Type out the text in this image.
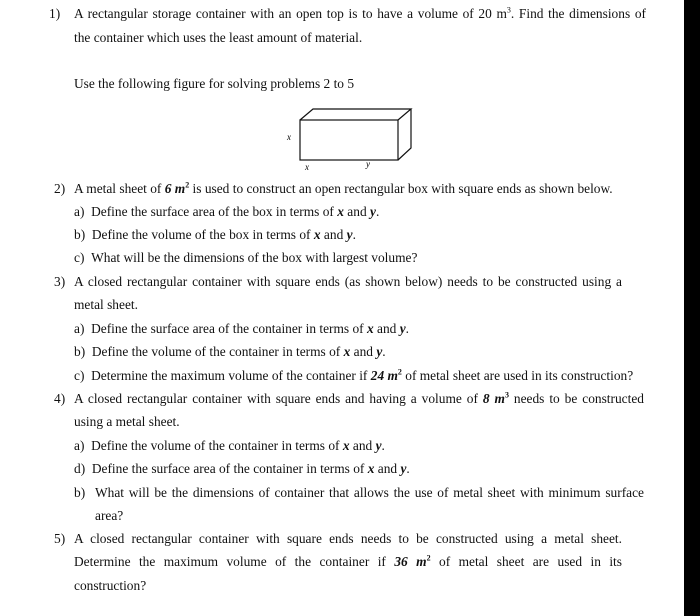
1) A rectangular storage container with an open top is to have a volume of 20 $m^3$. Find the dimensions of
the container which uses the least amount of material.
Use the following figure for solving problems 2 to 5
x
x	y
2) A metal sheet of 6 $m^2$ is used to construct an open rectangular box with square ends as shown below.
a) Define the surface area of the box in terms of x and y.
b) Define the volume of the box in terms of x and y.
c) What will be the dimensions of the box with largest volume?
3) A closed rectangular container with square ends (as shown below) needs to be constructed using a
metal sheet.
a) Define the surface area of the container in terms of x and y.
b) Define the volume of the container in terms of x and y.
c) Determine the maximum volume of the container if 24 $m^2$ of metal sheet are used in its construction?
4) A closed rectangular container with square ends and having a volume of 8 $m^3$ needs to be constructed
using a metal sheet.
a) Define the volume of the container in terms of x and y.
d) Define the surface area of the container in terms of x and y.
b) What will be the dimensions of container that allows the use of metal sheet with minimum surface
area?
5) A closed rectangular container with square ends needs to be constructed using a metal sheet.
Determine the maximum volume of the container if 36 $m^2$ of metal sheet are used in its
construction?
